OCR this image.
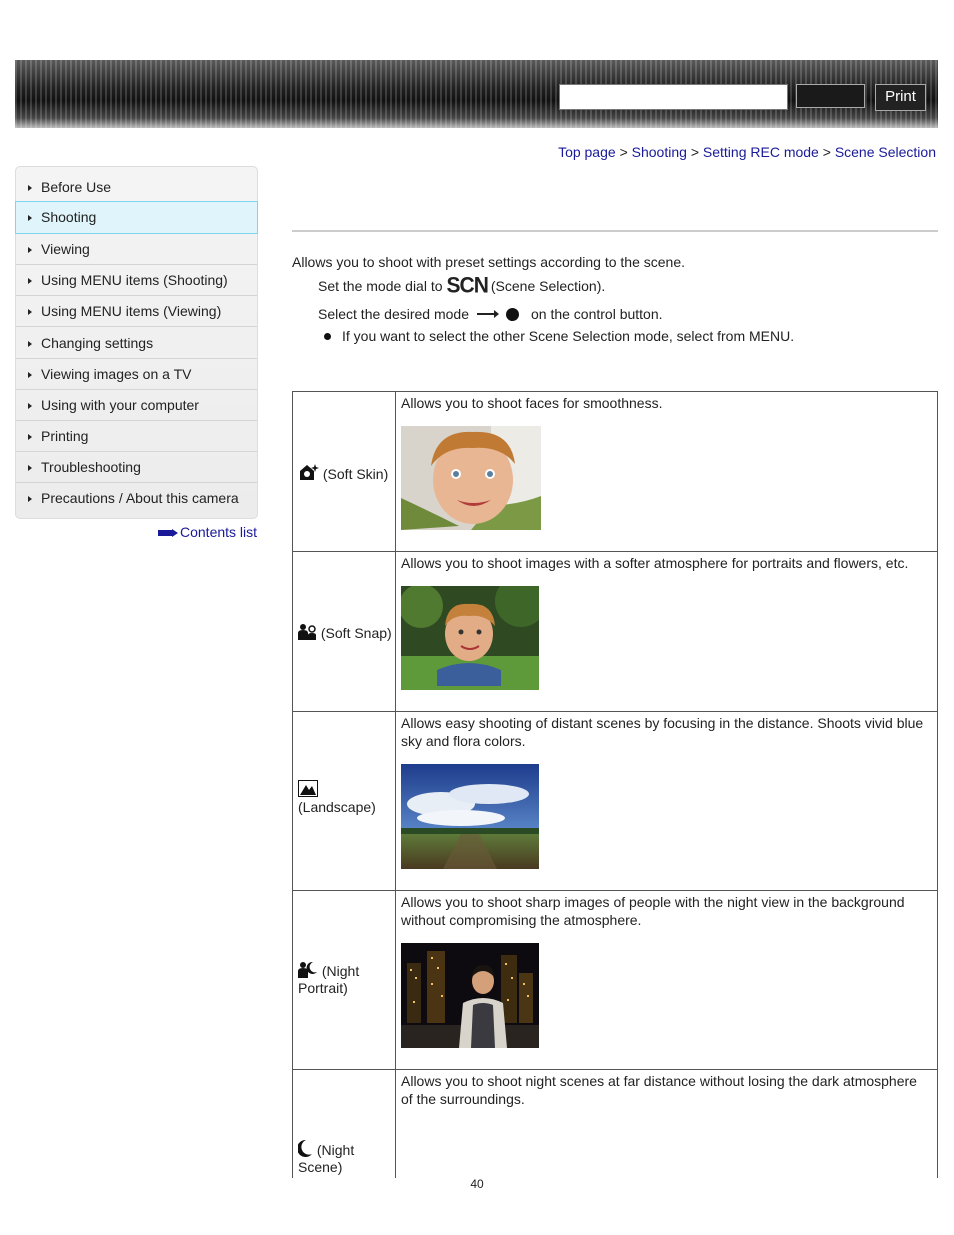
Print
Top page > Shooting > Setting REC mode > Scene Selection
Before Use
Shooting
Viewing
Using MENU items (Shooting)
Using MENU items (Viewing)
Changing settings
Viewing images on a TV
Using with your computer
Printing
Troubleshooting
Precautions / About this camera
Contents list
Allows you to shoot with preset settings according to the scene.
Set the mode dial to SCN (Scene Selection).
Select the desired mode	on the control button.
If you want to select the other Scene Selection mode, select from MENU.
(Soft Skin)
Allows you to shoot faces for smoothness.
(Soft Snap)
Allows you to shoot images with a softer atmosphere for portraits and flowers, etc.

(Landscape)
Allows easy shooting of distant scenes by focusing in the distance. Shoots vivid blue sky and flora colors.
(Night Portrait)
Allows you to shoot sharp images of people with the night view in the background without compromising the atmosphere.
(Night Scene)
Allows you to shoot night scenes at far distance without losing the dark atmosphere of the surroundings.
40
